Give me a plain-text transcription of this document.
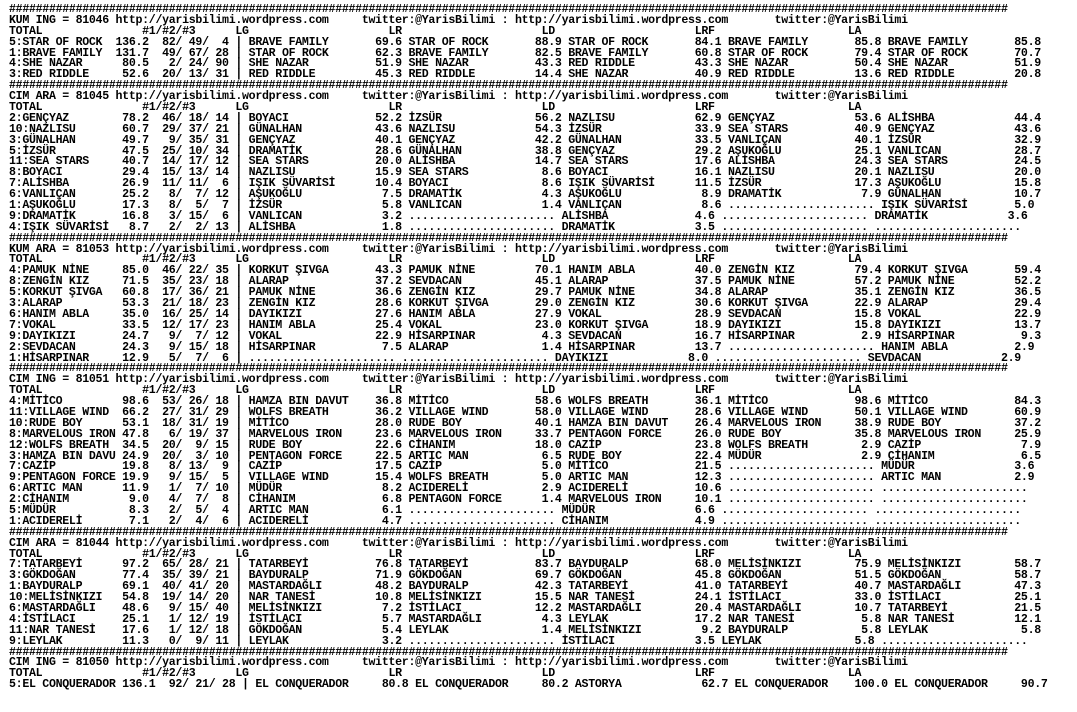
######################################################################################################################################################
KUM ING = 81046 http://yarisbilimi.wordpress.com     twitter:@YarisBilimi : http://yarisbilimi.wordpress.com       twitter:@YarisBilimi
TOTAL               #1/#2/#3      LG                     LR                     LD                     LRF                    LA
5:STAR OF ROCK  136.2  82/ 49/  4 | BRAVE FAMILY       69.6 STAR OF ROCK       88.9 STAR OF ROCK       84.1 BRAVE FAMILY       85.8 BRAVE FAMILY       85.8
1:BRAVE FAMILY  131.7  49/ 67/ 28 | STAR OF ROCK       62.3 BRAVE FAMILY       82.5 BRAVE FAMILY       60.8 STAR OF ROCK       79.4 STAR OF ROCK       70.7
4:SHE NAZAR      80.5   2/ 24/ 90 | SHE NAZAR          51.9 SHE NAZAR          43.3 RED RIDDLE         43.3 SHE NAZAR          50.4 SHE NAZAR          51.9
3:RED RIDDLE     52.6  20/ 13/ 31 | RED RIDDLE         45.3 RED RIDDLE         14.4 SHE NAZAR          40.9 RED RIDDLE         13.6 RED RIDDLE         20.8
######################################################################################################################################################
CIM ARA = 81045 http://yarisbilimi.wordpress.com     twitter:@YarisBilimi : http://yarisbilimi.wordpress.com       twitter:@YarisBilimi
TOTAL               #1/#2/#3      LG                     LR                     LD                     LRF                    LA
2:GENÇYAZ        78.2  46/ 18/ 14 | BOYACI             52.2 İZSÜR              56.2 NAZLISU            62.9 GENÇYAZ            53.6 ALİSHBA            44.4
10:NAZLISU       60.7  29/ 37/ 21 | GÜNALHAN           43.6 NAZLISU            54.3 İZSÜR              33.9 SEA STARS          40.9 GENÇYAZ            43.6
3:GÜNALHAN       49.7   9/ 35/ 31 | GENÇYAZ            40.1 GENÇYAZ            42.2 GÜNALHAN           33.5 VANLIÇAN           40.1 İZSÜR              32.9
5:İZSÜR          47.5  25/ 10/ 34 | DRAMATİK           28.6 GÜNALHAN           38.8 GENÇYAZ            29.2 AŞUKOĞLU           25.1 VANLICAN           28.7
11:SEA STARS     40.7  14/ 17/ 12 | SEA STARS          20.0 ALİSHBA            14.7 SEA STARS          17.6 ALİSHBA            24.3 SEA STARS          24.5
8:BOYACI         29.4  15/ 13/ 14 | NAZLISU            15.9 SEA STARS           8.6 BOYACI             16.1 NAZLISU            20.1 NAZLISU            20.0
7:ALİSHBA        26.9  11/ 11/  6 | IŞIK SÜVARİSİ      10.4 BOYACI              8.6 IŞIK SÜVARİSİ      11.5 İZSÜR              17.3 AŞUKOĞLU           15.8
6:VANLIÇAN       25.2   8/  7/ 12 | AŞUKOĞLU            7.5 DRAMATİK            4.3 AŞUKOĞLU            8.9 DRAMATİK            7.9 GÜNALHAN           10.7
1:AŞUKOĞLU       17.3   8/  5/  7 | İZSÜR               5.8 VANLICAN            1.4 VANLIÇAN            8.6 ...................... IŞIK SÜVARİSİ       5.0
9:DRAMATİK       16.8   3/ 15/  6 | VANLICAN            3.2 ...................... ALİSHBA             4.6 ...................... DRAMATİK            3.6
4:IŞIK SÜVARİSİ   8.7   2/  2/ 13 | ALİSHBA             1.8 ...................... DRAMATİK            3.5 ...................... ......................
######################################################################################################################################################
KUM ARA = 81053 http://yarisbilimi.wordpress.com     twitter:@YarisBilimi : http://yarisbilimi.wordpress.com       twitter:@YarisBilimi
TOTAL               #1/#2/#3      LG                     LR                     LD                     LRF                    LA
4:PAMUK NİNE     85.0  46/ 22/ 35 | KORKUT ŞIVGA       43.3 PAMUK NİNE         70.1 HANIM ABLA         40.0 ZENGİN KIZ         79.4 KORKUT ŞIVGA       59.4
8:ZENGİN KIZ     71.5  35/ 23/ 18 | ALARAP             37.2 SEVDACAN           45.1 ALARAP             37.5 PAMUK NİNE         57.2 PAMUK NİNE         52.2
5:KORKUT ŞIVGA   60.8  17/ 36/ 21 | PAMUK NİNE         36.6 ZENGİN KIZ         29.7 PAMUK NİNE         34.8 ALARAP             35.1 ZENGİN KIZ         36.5
3:ALARAP         53.3  21/ 18/ 23 | ZENGİN KIZ         28.6 KORKUT ŞIVGA       29.0 ZENGİN KIZ         30.6 KORKUT ŞIVGA       22.9 ALARAP             29.4
6:HANIM ABLA     35.0  16/ 25/ 14 | DAYIKIZI           27.6 HANIM ABLA         27.9 VOKAL              28.9 SEVDACAN           15.8 VOKAL              22.9
7:VOKAL          33.5  12/ 17/ 23 | HANIM ABLA         25.4 VOKAL              23.0 KORKUT ŞIVGA       18.9 DAYIKIZI           15.8 DAYIKIZI           13.7
9:DAYIKIZI       24.7   9/  7/ 12 | VOKAL              22.9 HİSARPINAR          4.3 SEVDACAN           16.7 HİSARPINAR          2.9 HİSARPINAR          9.3
2:SEVDACAN       24.3   9/ 15/ 18 | HİSARPINAR          7.5 ALARAP              1.4 HİSARPINAR         13.7 ...................... HANIM ABLA          2.9
1:HİSARPINAR     12.9   5/  7/  6 | ...................... ...................... DAYIKIZI            8.0 ...................... SEVDACAN            2.9
######################################################################################################################################################
CIM ING = 81051 http://yarisbilimi.wordpress.com     twitter:@YarisBilimi : http://yarisbilimi.wordpress.com       twitter:@YarisBilimi
TOTAL               #1/#2/#3      LG                     LR                     LD                     LRF                    LA
4:MİTİCO         98.6  53/ 26/ 18 | HAMZA BIN DAVUT    36.8 MİTİCO             58.6 WOLFS BREATH       36.1 MİTİCO             98.6 MİTİCO             84.3
11:VILLAGE WIND  66.2  27/ 31/ 29 | WOLFS BREATH       36.2 VILLAGE WIND       58.0 VILLAGE WIND       28.6 VILLAGE WIND       50.1 VILLAGE WIND       60.9
10:RUDE BOY      53.1  18/ 31/ 19 | MİTİCO             28.0 RUDE BOY           40.1 HAMZA BIN DAVUT    26.4 MARVELOUS IRON     38.9 RUDE BOY           37.2
8:MARVELOUS IRON 47.8   6/ 19/ 37 | MARVELOUS IRON     23.6 MARVELOUS IRON     33.7 PENTAGON FORCE     26.0 RUDE BOY           35.8 MARVELOUS IRON     25.9
12:WOLFS BREATH  34.5  20/  9/ 15 | RUDE BOY           22.6 CİHANIM            18.0 CAZİP              23.8 WOLFS BREATH        2.9 CAZİP               7.9
3:HAMZA BIN DAVU 24.9  20/  3/ 10 | PENTAGON FORCE     22.5 ARTIC MAN           6.5 RUDE BOY           22.4 MÜDÜR               2.9 CİHANIM             6.5
7:CAZİP          19.8   8/ 13/  9 | CAZİP              17.5 CAZİP               5.0 MİTİCO             21.5 ...................... MÜDÜR               3.6
9:PENTAGON FORCE 19.9   9/ 15/  5 | VILLAGE WIND       15.4 WOLFS BREATH        5.0 ARTIC MAN          12.3 ...................... ARTIC MAN           2.9
6:ARTIC MAN      11.9   1/  7/ 10 | MÜDÜR               8.2 ACIDERELİ           2.9 ACIDERELİ          10.6 ...................... ......................
2:CİHANIM         9.0   4/  7/  8 | CİHANIM             6.8 PENTAGON FORCE      1.4 MARVELOUS IRON     10.1 ...................... ......................
5:MÜDÜR           8.3   2/  5/  4 | ARTIC MAN           6.1 ...................... MÜDÜR               6.6 ...................... ......................
1:ACIDERELİ       7.1   2/  4/  6 | ACIDERELİ           4.7 ...................... CİHANIM             4.9 ...................... ......................
######################################################################################################################################################
CIM ARA = 81044 http://yarisbilimi.wordpress.com     twitter:@YarisBilimi : http://yarisbilimi.wordpress.com       twitter:@YarisBilimi
TOTAL               #1/#2/#3      LG                     LR                     LD                     LRF                    LA
7:TATARBEYİ      97.2  65/ 28/ 21 | TATARBEYİ          76.8 TATARBEYİ          83.7 BAYDURALP          68.0 MELİSİNKIZI        75.9 MELİSİNKIZI        58.7
3:GÖKDOĞAN       77.4  35/ 39/ 21 | BAYDURALP          71.9 GÖKDOĞAN           69.7 GÖKDOĞAN           45.8 GÖKDOĞAN           51.5 GÖKDOĞAN           58.7
1:BAYDURALP      69.1  40/ 41/ 20 | MASTARDAĞLI        48.2 BAYDURALP          42.3 TATARBEYİ          41.0 TATARBEYİ          40.7 MASTARDAĞLI        47.3
10:MELİSİNKIZI   54.8  19/ 14/ 20 | NAR TANESİ         10.8 MELİSİNKIZI        15.5 NAR TANESİ         24.1 İSTİLACI           33.0 İSTİLACI           25.1
6:MASTARDAĞLI    48.6   9/ 15/ 40 | MELİSİNKIZI         7.2 İSTİLACI           12.2 MASTARDAĞLI        20.4 MASTARDAĞLI        10.7 TATARBEYİ          21.5
4:İSTİLACI       25.1   1/ 12/ 19 | İSTİLACI            5.7 MASTARDAĞLI         4.3 LEYLAK             17.2 NAR TANESİ          5.8 NAR TANESİ         12.1
11:NAR TANESİ    17.6   1/ 12/ 18 | GÖKDOĞAN            5.4 LEYLAK              1.4 MELİSİNKIZI         9.2 BAYDURALP           5.8 LEYLAK              5.8
9:LEYLAK         11.3   0/  9/ 11 | LEYLAK              3.2 ...................... İSTİLACI            3.5 LEYLAK              5.8 ......................
######################################################################################################################################################
CIM ING = 81050 http://yarisbilimi.wordpress.com     twitter:@YarisBilimi : http://yarisbilimi.wordpress.com       twitter:@YarisBilimi
TOTAL               #1/#2/#3      LG                     LR                     LD                     LRF                    LA
5:EL CONQUERADOR 136.1  92/ 21/ 28 | EL CONQUERADOR     80.8 EL CONQUERADOR     80.2 ASTORYA            62.7 EL CONQUERADOR    100.0 EL CONQUERADOR     90.7
